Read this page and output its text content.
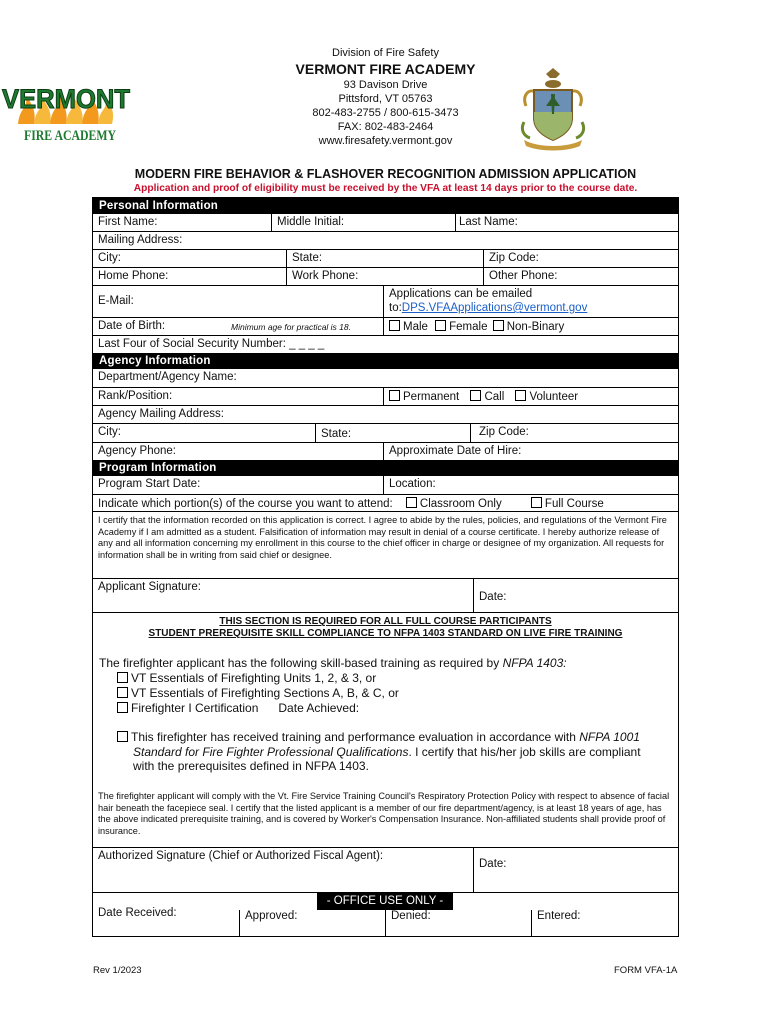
VERMONT
FIRE ACADEMY
Division of Fire Safety
VERMONT FIRE ACADEMY
93 Davison Drive
Pittsford, VT 05763
802-483-2755 / 800-615-3473
FAX: 802-483-2464
www.firesafety.vermont.gov
MODERN FIRE BEHAVIOR & FLASHOVER RECOGNITION ADMISSION APPLICATION
Application and proof of eligibility must be received by the VFA at least 14 days prior to the course date.
Personal Information
First Name:	Middle Initial:	Last Name:
Mailing Address:
City:	State:	Zip Code:
Home Phone:	Work Phone:	Other Phone:
E-Mail:
Applications can be emailed
to:DPS.VFAApplications@vermont.gov
Date of Birth:	Minimum age for practical is 18.	Male Female Non-Binary
Last Four of Social Security Number: _ _ _ _
Agency Information
Department/Agency Name:
Rank/Position:	Permanent Call Volunteer
Agency Mailing Address:
City:	State:	Zip Code:
Agency Phone:	Approximate Date of Hire:
Program Information
Program Start Date:	Location:
Indicate which portion(s) of the course you want to attend: Classroom Only	Full Course
I certify that the information recorded on this application is correct. I agree to abide by the rules, policies, and regulations of the Vermont Fire Academy if I am admitted as a student. Falsification of information may result in denial of a course certificate. I hereby authorize release of any and all information concerning my enrollment in this course to the chief officer in charge or designee of my organization. All requests for information shall be in writing from said chief or designee.
Applicant Signature:
Date:
THIS SECTION IS REQUIRED FOR ALL FULL COURSE PARTICIPANTS
STUDENT PREREQUISITE SKILL COMPLIANCE TO NFPA 1403 STANDARD ON LIVE FIRE TRAINING
The firefighter applicant has the following skill-based training as required by NFPA 1403:
VT Essentials of Firefighting Units 1, 2, & 3, or
VT Essentials of Firefighting Sections A, B, & C, or
Firefighter I Certification Date Achieved:
This firefighter has received training and performance evaluation in accordance with NFPA 1001
Standard for Fire Fighter Professional Qualifications. I certify that his/her job skills are compliant
with the prerequisites defined in NFPA 1403.
The firefighter applicant will comply with the Vt. Fire Service Training Council's Respiratory Protection Policy with respect to absence of facial hair beneath the facepiece seal. I certify that the listed applicant is a member of our fire department/agency, is at least 18 years of age, has the above indicated prerequisite training, and is covered by Worker's Compensation Insurance. Non-affiliated students shall provide proof of insurance.
Authorized Signature (Chief or Authorized Fiscal Agent):
Date:
- OFFICE USE ONLY -
Date Received:	Approved:	Denied:	Entered:
Rev 1/2023	FORM VFA-1A
